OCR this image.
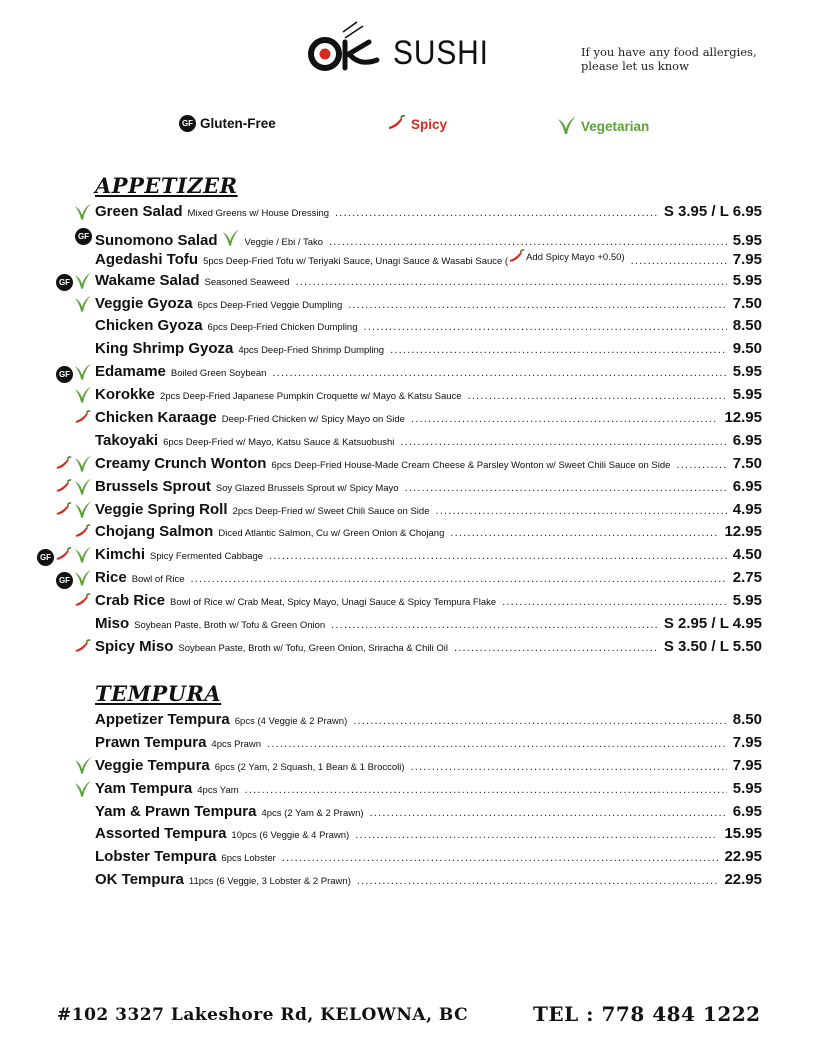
SUSHI	If you have any food allergies, please let us know
GF Gluten-Free	Spicy	Vegetarian
APPETIZER
Green Salad Mixed Greens w/ House Dressing .....	S 3.95 / L 6.95
GF Sunomono Salad	Veggie / Ebi / Tako .....	5.95
Agedashi Tofu 5pcs Deep-Fried Tofu w/ Teriyaki Sauce, Unagi Sauce & Wasabi Sauce ( Add Spicy Mayo +0.50) .....	7.95
GF Wakame Salad Seasoned Seaweed .....	5.95
Veggie Gyoza 6pcs Deep-Fried Veggie Dumpling .....	7.50
Chicken Gyoza 6pcs Deep-Fried Chicken Dumpling .....	8.50
King Shrimp Gyoza 4pcs Deep-Fried Shrimp Dumpling .....	9.50
GF Edamame Boiled Green Soybean .....	5.95
Korokke 2pcs Deep-Fried Japanese Pumpkin Croquette w/ Mayo & Katsu Sauce .....	5.95
Chicken Karaage Deep-Fried Chicken w/ Spicy Mayo on Side .....	12.95
Takoyaki 6pcs Deep-Fried w/ Mayo, Katsu Sauce & Katsuobushi .....	6.95
Creamy Crunch Wonton 6pcs Deep-Fried House-Made Cream Cheese & Parsley Wonton w/ Sweet Chili Sauce on Side .....	7.50
Brussels Sprout Soy Glazed Brussels Sprout w/ Spicy Mayo .....	6.95
Veggie Spring Roll 2pcs Deep-Fried w/ Sweet Chili Sauce on Side .....	4.95
Chojang Salmon Diced Atlantic Salmon, Cu w/ Green Onion & Chojang .....	12.95
GF	Kimchi Spicy Fermented Cabbage .....	4.50
GF Rice Bowl of Rice .....	2.75
Crab Rice Bowl of Rice w/ Crab Meat, Spicy Mayo, Unagi Sauce & Spicy Tempura Flake .....	5.95
Miso Soybean Paste, Broth w/ Tofu & Green Onion .....	S 2.95 / L 4.95
Spicy Miso Soybean Paste, Broth w/ Tofu, Green Onion, Sriracha & Chili Oil .....	S 3.50 / L 5.50
TEMPURA
Appetizer Tempura 6pcs (4 Veggie & 2 Prawn) .....	8.50
Prawn Tempura 4pcs Prawn .....	7.95
Veggie Tempura 6pcs (2 Yam, 2 Squash, 1 Bean & 1 Broccoli) .....	7.95
Yam Tempura 4pcs Yam .....	5.95
Yam & Prawn Tempura 4pcs (2 Yam & 2 Prawn) .....	6.95
Assorted Tempura 10pcs (6 Veggie & 4 Prawn) .....	15.95
Lobster Tempura 6pcs Lobster .....	22.95
OK Tempura 11pcs (6 Veggie, 3 Lobster & 2 Prawn) .....	22.95
#102 3327 Lakeshore Rd, KELOWNA, BC	TEL : 778 484 1222
